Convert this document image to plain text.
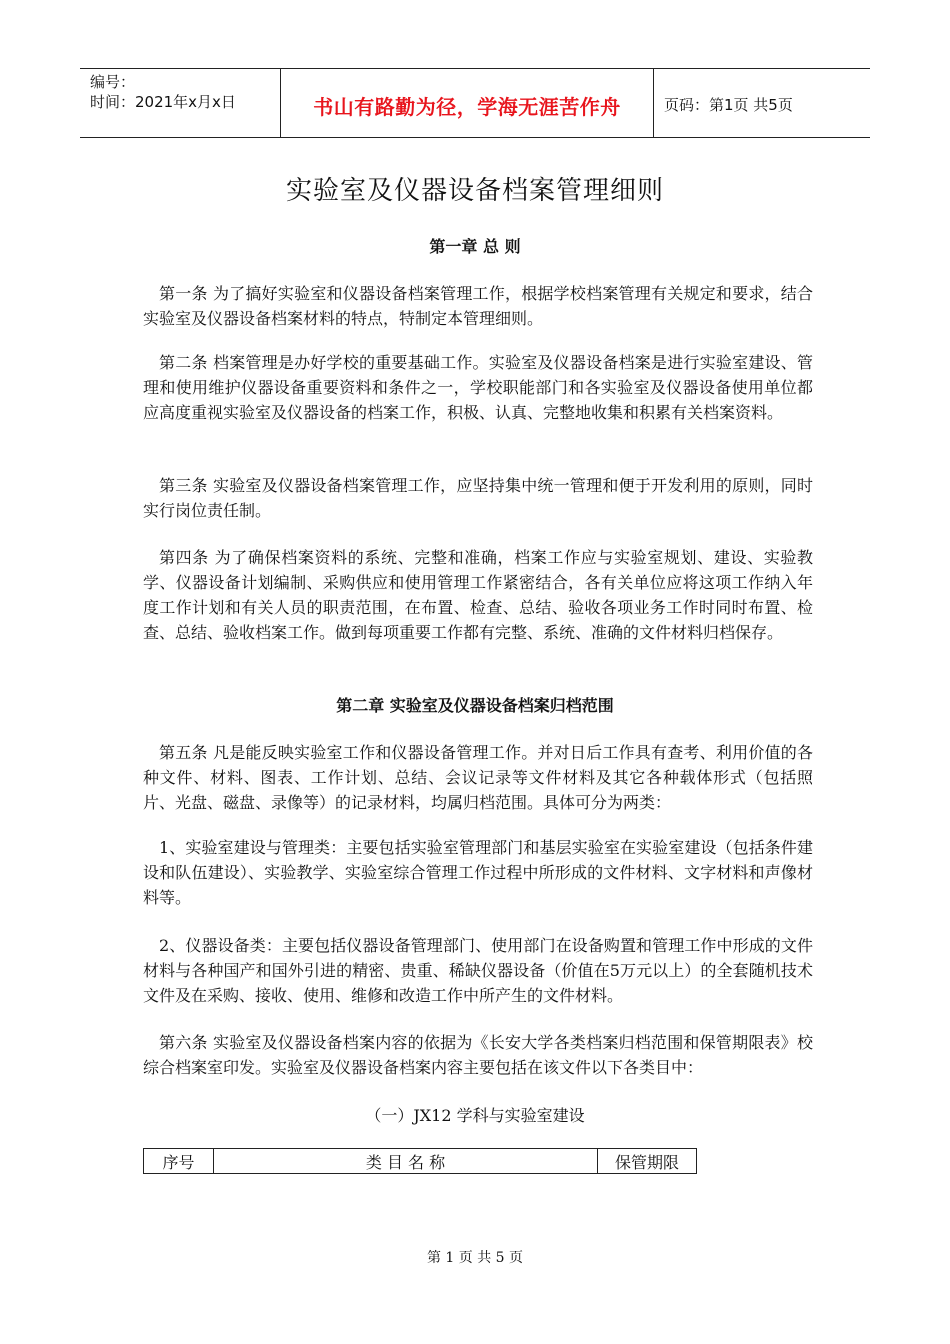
编号：
时间：2021年x月x日	书山有路勤为径，学海无涯苦作舟	页码：第1页 共5页
实验室及仪器设备档案管理细则
第一章 总 则
第一条 为了搞好实验室和仪器设备档案管理工作，根据学校档案管理有关规定和要求，结合实验室及仪器设备档案材料的特点，特制定本管理细则。
第二条 档案管理是办好学校的重要基础工作。实验室及仪器设备档案是进行实验室建设、管理和使用维护仪器设备重要资料和条件之一，学校职能部门和各实验室及仪器设备使用单位都应高度重视实验室及仪器设备的档案工作，积极、认真、完整地收集和积累有关档案资料。
第三条 实验室及仪器设备档案管理工作，应坚持集中统一管理和便于开发利用的原则，同时实行岗位责任制。
第四条 为了确保档案资料的系统、完整和准确，档案工作应与实验室规划、建设、实验教学、仪器设备计划编制、采购供应和使用管理工作紧密结合，各有关单位应将这项工作纳入年度工作计划和有关人员的职责范围，在布置、检查、总结、验收各项业务工作时同时布置、检查、总结、验收档案工作。做到每项重要工作都有完整、系统、准确的文件材料归档保存。
第二章 实验室及仪器设备档案归档范围
第五条 凡是能反映实验室工作和仪器设备管理工作。并对日后工作具有查考、利用价值的各种文件、材料、图表、工作计划、总结、会议记录等文件材料及其它各种载体形式（包括照片、光盘、磁盘、录像等）的记录材料，均属归档范围。具体可分为两类：
1、实验室建设与管理类：主要包括实验室管理部门和基层实验室在实验室建设（包括条件建设和队伍建设）、实验教学、实验室综合管理工作过程中所形成的文件材料、文字材料和声像材料等。
2、仪器设备类：主要包括仪器设备管理部门、使用部门在设备购置和管理工作中形成的文件材料与各种国产和国外引进的精密、贵重、稀缺仪器设备（价值在5万元以上）的全套随机技术文件及在采购、接收、使用、维修和改造工作中所产生的文件材料。
第六条 实验室及仪器设备档案内容的依据为《长安大学各类档案归档范围和保管期限表》校综合档案室印发。实验室及仪器设备档案内容主要包括在该文件以下各类目中：
（一）JX12 学科与实验室建设
序号	类 目 名 称	保管期限
第 1 页 共 5 页
